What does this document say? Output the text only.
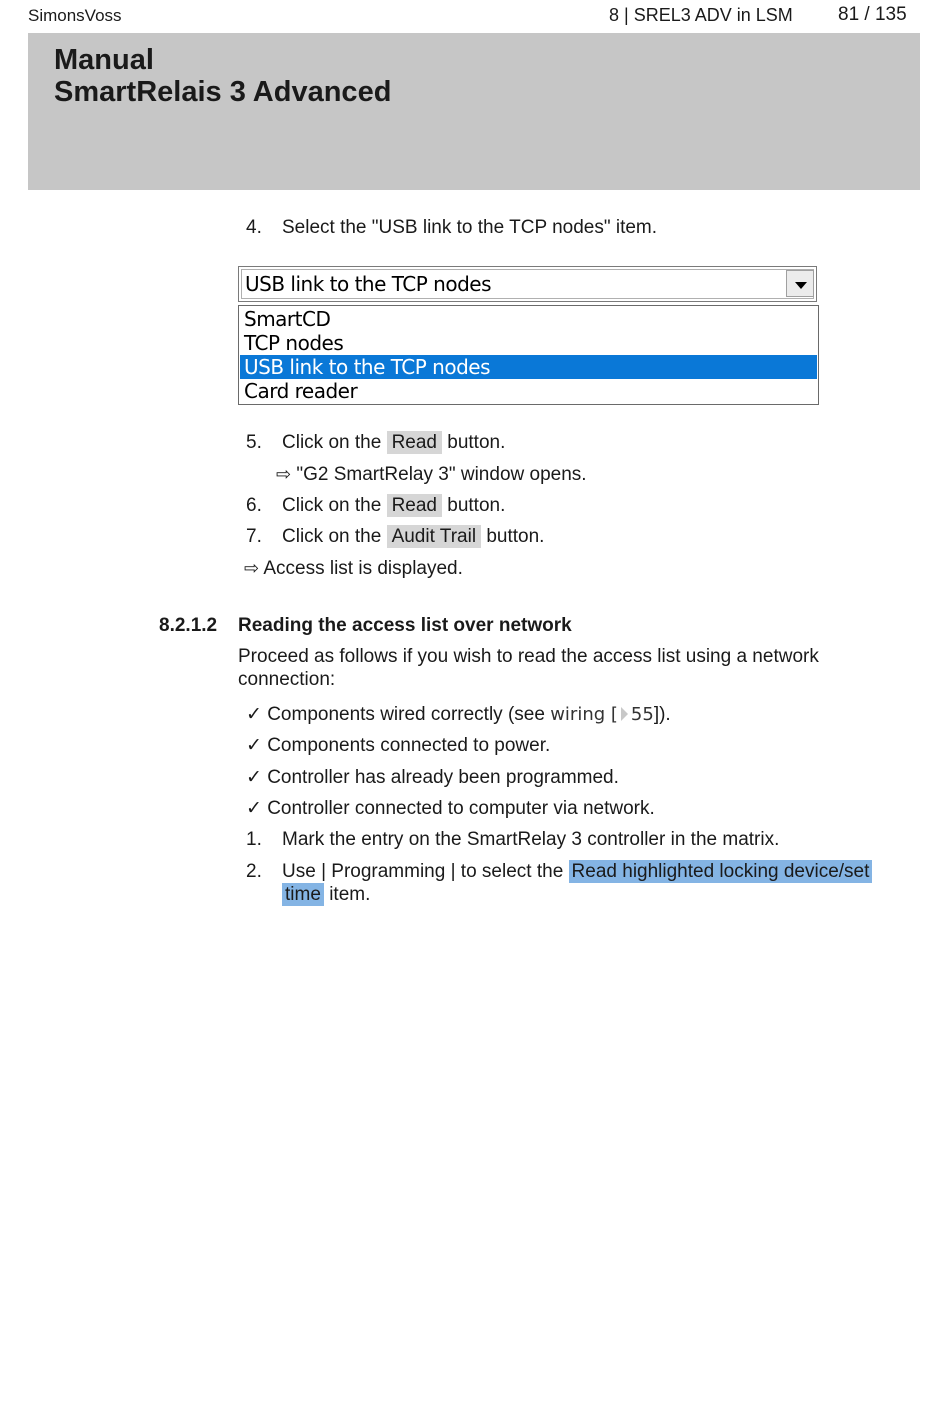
SimonsVoss	8 | SREL3 ADV in LSM 81 / 135
Manual
SmartRelais 3 Advanced
4. Select the "USB link to the TCP nodes" item.
USB link to the TCP nodes
SmartCD
TCP nodes
USB link to the TCP nodes
Card reader
5. Click on the Read button.
⇨ "G2 SmartRelay 3" window opens.
6. Click on the Read button.
7. Click on the Audit Trail button.
⇨ Access list is displayed.
8.2.1.2 Reading the access list over network
Proceed as follows if you wish to read the access list using a network
connection:
✓ Components wired correctly (see wiring [ 55]).
✓ Components connected to power.
✓ Controller has already been programmed.
✓ Controller connected to computer via network.
1. Mark the entry on the SmartRelay 3 controller in the matrix.
2. Use | Programming | to select the Read highlighted locking device/set
time item.
